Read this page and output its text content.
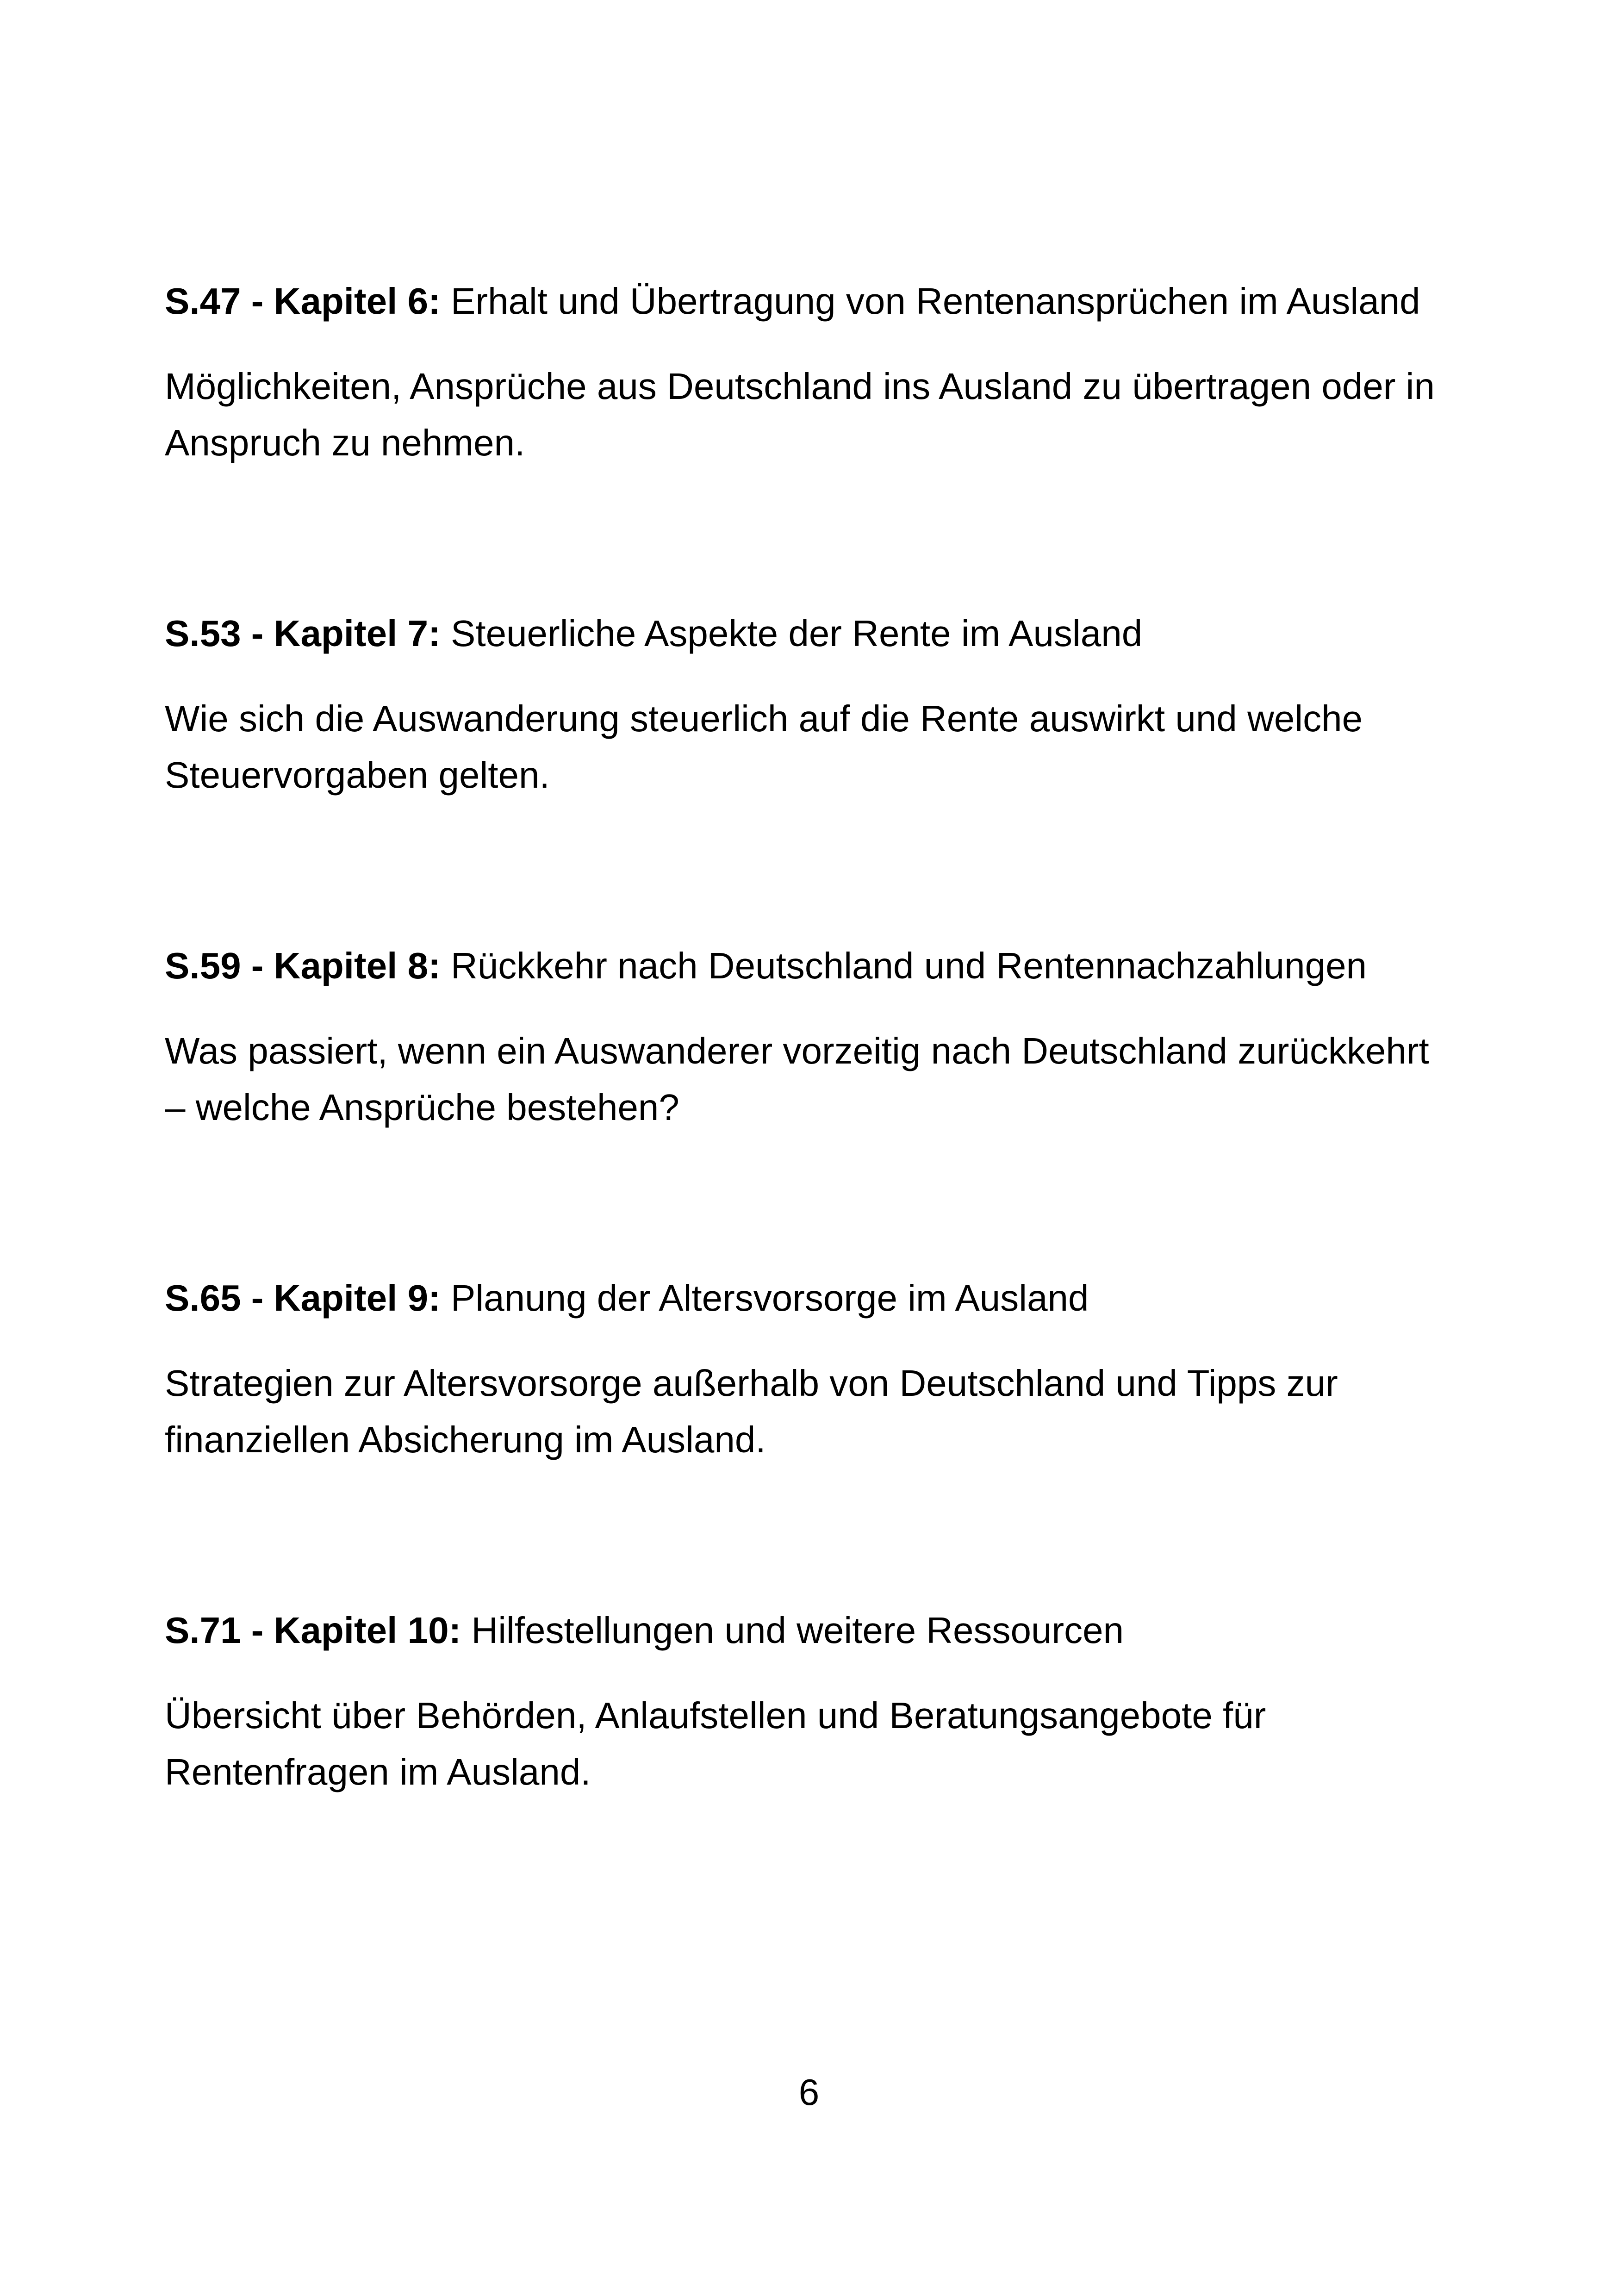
S.47 - Kapitel 6: Erhalt und Übertragung von Rentenansprüchen im Ausland

Möglichkeiten, Ansprüche aus Deutschland ins Ausland zu übertragen oder in Anspruch zu nehmen.

S.53 - Kapitel 7: Steuerliche Aspekte der Rente im Ausland

Wie sich die Auswanderung steuerlich auf die Rente auswirkt und welche Steuervorgaben gelten.

S.59 - Kapitel 8: Rückkehr nach Deutschland und Rentennachzahlungen

Was passiert, wenn ein Auswanderer vorzeitig nach Deutschland zurückkehrt – welche Ansprüche bestehen?

S.65 - Kapitel 9: Planung der Altersvorsorge im Ausland

Strategien zur Altersvorsorge außerhalb von Deutschland und Tipps zur finanziellen Absicherung im Ausland.

S.71 - Kapitel 10: Hilfestellungen und weitere Ressourcen

Übersicht über Behörden, Anlaufstellen und Beratungsangebote für Rentenfragen im Ausland.

6
